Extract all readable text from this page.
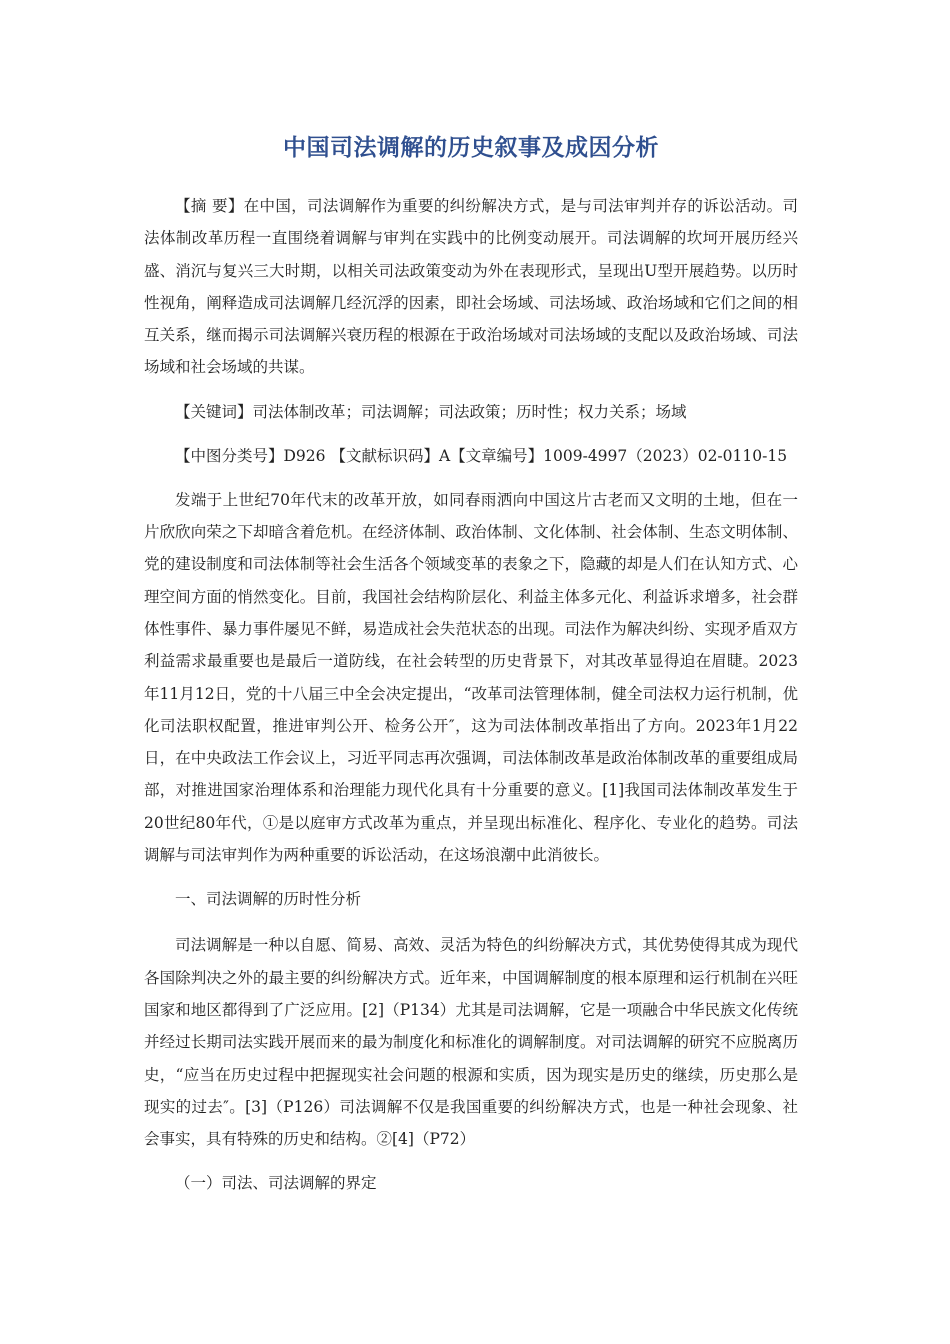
中国司法调解的历史叙事及成因分析

【摘 要】在中国，司法调解作为重要的纠纷解决方式，是与司法审判并存的诉讼活动。司法体制改革历程一直围绕着调解与审判在实践中的比例变动展开。司法调解的坎坷开展历经兴盛、消沉与复兴三大时期，以相关司法政策变动为外在表现形式，呈现出U型开展趋势。以历时性视角，阐释造成司法调解几经沉浮的因素，即社会场域、司法场域、政治场域和它们之间的相互关系，继而揭示司法调解兴衰历程的根源在于政治场域对司法场域的支配以及政治场域、司法场域和社会场域的共谋。

【关键词】司法体制改革；司法调解；司法政策；历时性；权力关系；场域

【中图分类号】D926 【文献标识码】A【文章编号】1009-4997（2023）02-0110-15

发端于上世纪70年代末的改革开放，如同春雨洒向中国这片古老而又文明的土地，但在一片欣欣向荣之下却暗含着危机。在经济体制、政治体制、文化体制、社会体制、生态文明体制、党的建设制度和司法体制等社会生活各个领域变革的表象之下，隐藏的却是人们在认知方式、心理空间方面的悄然变化。目前，我国社会结构阶层化、利益主体多元化、利益诉求增多，社会群体性事件、暴力事件屡见不鲜，易造成社会失范状态的出现。司法作为解决纠纷、实现矛盾双方利益需求最重要也是最后一道防线，在社会转型的历史背景下，对其改革显得迫在眉睫。2023年11月12日，党的十八届三中全会决定提出，“改革司法管理体制，健全司法权力运行机制，优化司法职权配置，推进审判公开、检务公开″，这为司法体制改革指出了方向。2023年1月22日，在中央政法工作会议上，习近平同志再次强调，司法体制改革是政治体制改革的重要组成局部，对推进国家治理体系和治理能力现代化具有十分重要的意义。[1]我国司法体制改革发生于20世纪80年代，①是以庭审方式改革为重点，并呈现出标准化、程序化、专业化的趋势。司法调解与司法审判作为两种重要的诉讼活动，在这场浪潮中此消彼长。

一、司法调解的历时性分析

司法调解是一种以自愿、简易、高效、灵活为特色的纠纷解决方式，其优势使得其成为现代各国除判决之外的最主要的纠纷解决方式。近年来，中国调解制度的根本原理和运行机制在兴旺国家和地区都得到了广泛应用。[2]（P134）尤其是司法调解，它是一项融合中华民族文化传统并经过长期司法实践开展而来的最为制度化和标准化的调解制度。对司法调解的研究不应脱离历史，“应当在历史过程中把握现实社会问题的根源和实质，因为现实是历史的继续，历史那么是现实的过去″。[3]（P126）司法调解不仅是我国重要的纠纷解决方式，也是一种社会现象、社会事实，具有特殊的历史和结构。②[4]（P72）

（一）司法、司法调解的界定
